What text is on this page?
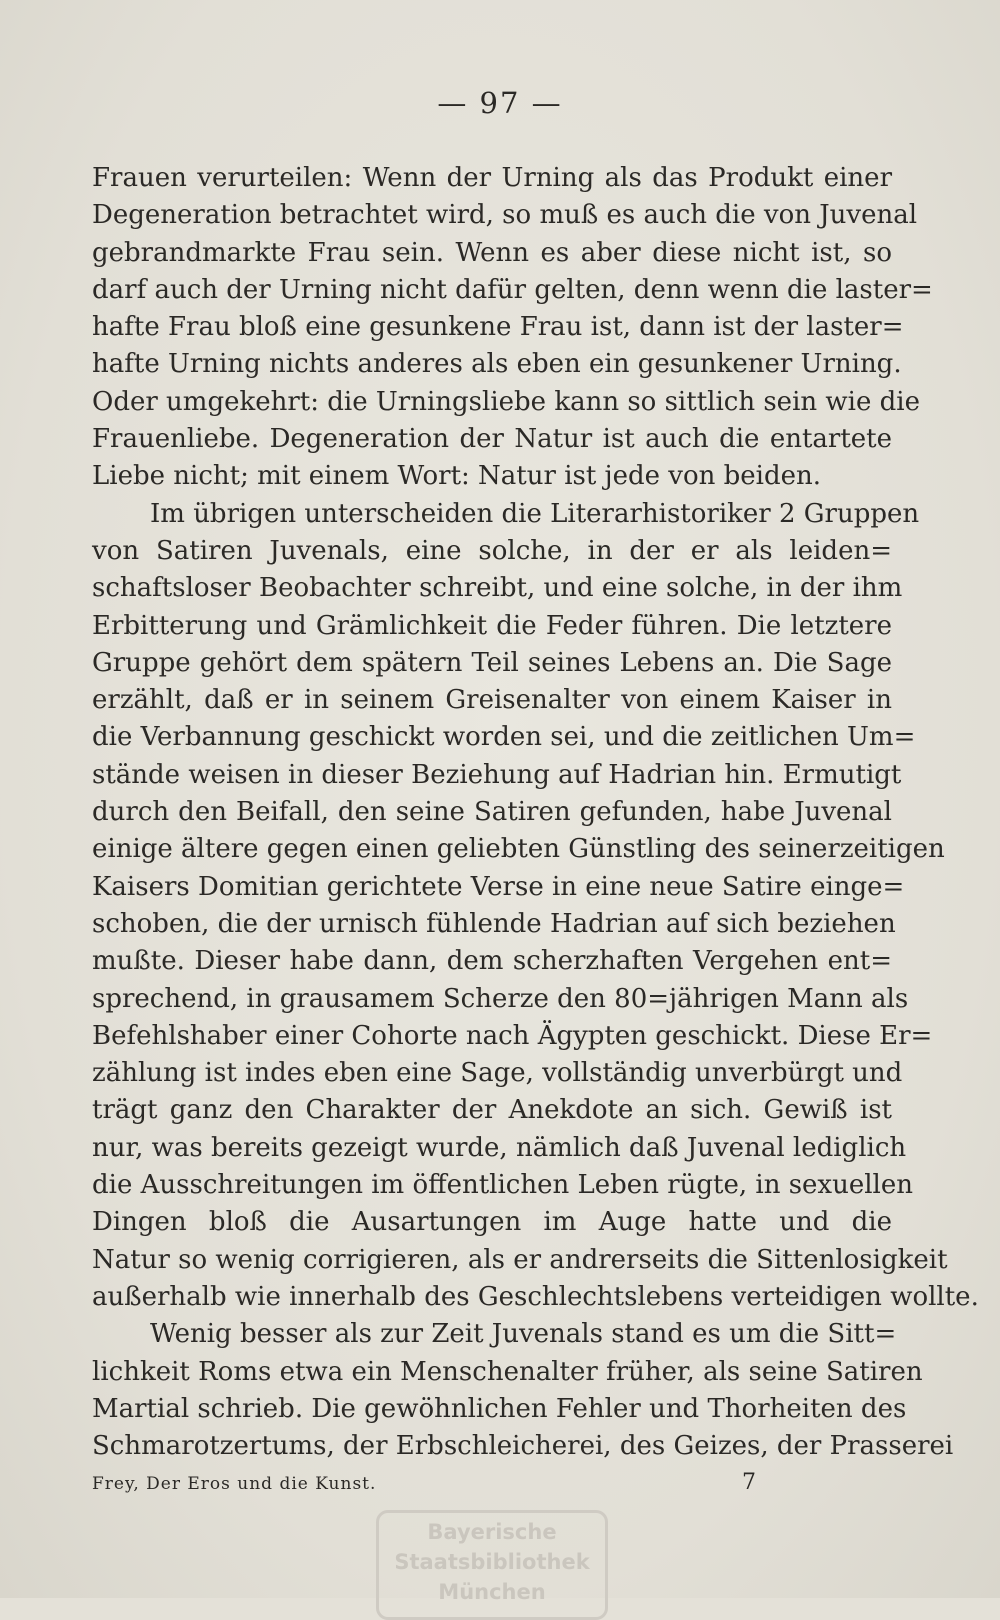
— 97 —
Frauen verurteilen: Wenn der Urning als das Produkt einer
Degeneration betrachtet wird, so muß es auch die von Juvenal
gebrandmarkte Frau sein. Wenn es aber diese nicht ist, so
darf auch der Urning nicht dafür gelten, denn wenn die laster=
hafte Frau bloß eine gesunkene Frau ist, dann ist der laster=
hafte Urning nichts anderes als eben ein gesunkener Urning.
Oder umgekehrt: die Urningsliebe kann so sittlich sein wie die
Frauenliebe. Degeneration der Natur ist auch die entartete
Liebe nicht; mit einem Wort: Natur ist jede von beiden.
Im übrigen unterscheiden die Literarhistoriker 2 Gruppen
von Satiren Juvenals, eine solche, in der er als leiden=
schaftsloser Beobachter schreibt, und eine solche, in der ihm
Erbitterung und Grämlichkeit die Feder führen. Die letztere
Gruppe gehört dem spätern Teil seines Lebens an. Die Sage
erzählt, daß er in seinem Greisenalter von einem Kaiser in
die Verbannung geschickt worden sei, und die zeitlichen Um=
stände weisen in dieser Beziehung auf Hadrian hin. Ermutigt
durch den Beifall, den seine Satiren gefunden, habe Juvenal
einige ältere gegen einen geliebten Günstling des seinerzeitigen
Kaisers Domitian gerichtete Verse in eine neue Satire einge=
schoben, die der urnisch fühlende Hadrian auf sich beziehen
mußte. Dieser habe dann, dem scherzhaften Vergehen ent=
sprechend, in grausamem Scherze den 80=jährigen Mann als
Befehlshaber einer Cohorte nach Ägypten geschickt. Diese Er=
zählung ist indes eben eine Sage, vollständig unverbürgt und
trägt ganz den Charakter der Anekdote an sich. Gewiß ist
nur, was bereits gezeigt wurde, nämlich daß Juvenal lediglich
die Ausschreitungen im öffentlichen Leben rügte, in sexuellen
Dingen bloß die Ausartungen im Auge hatte und die
Natur so wenig corrigieren, als er andrerseits die Sittenlosigkeit
außerhalb wie innerhalb des Geschlechtslebens verteidigen wollte.
Wenig besser als zur Zeit Juvenals stand es um die Sitt=
lichkeit Roms etwa ein Menschenalter früher, als seine Satiren
Martial schrieb. Die gewöhnlichen Fehler und Thorheiten des
Schmarotzertums, der Erbschleicherei, des Geizes, der Prasserei
Frey, Der Eros und die Kunst.	7
Bayerische
Staatsbibliothek
München
